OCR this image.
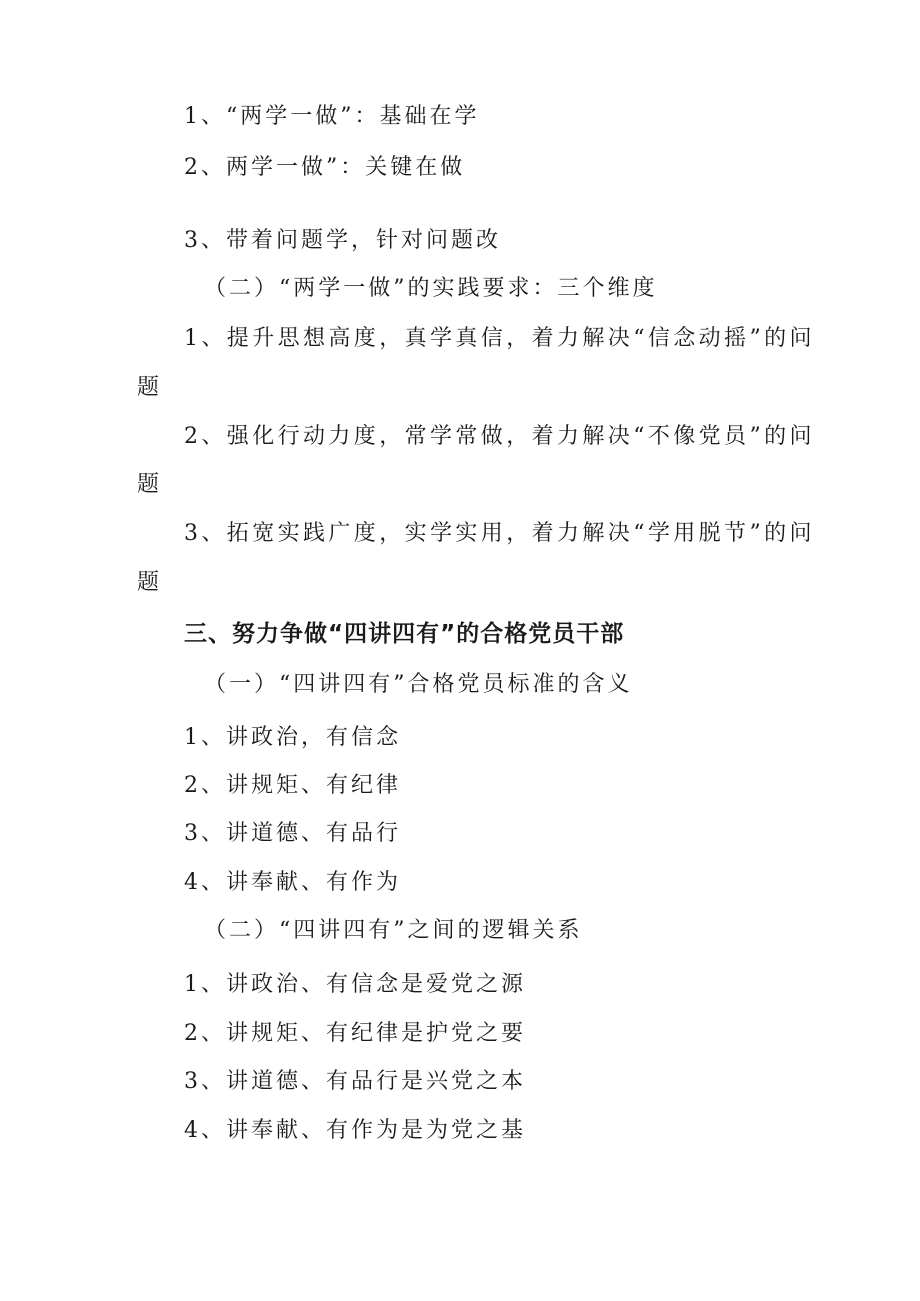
1、“两学一做”：基础在学
2、两学一做”：关键在做
3、带着问题学，针对问题改
（二）“两学一做”的实践要求：三个维度
1、提升思想高度，真学真信，着力解决“信念动摇”的问
题
2、强化行动力度，常学常做，着力解决“不像党员”的问
题
3、拓宽实践广度，实学实用，着力解决“学用脱节”的问
题
三、努力争做“四讲四有”的合格党员干部
（一）“四讲四有”合格党员标准的含义
1、讲政治，有信念
2、讲规矩、有纪律
3、讲道德、有品行
4、讲奉献、有作为
（二）“四讲四有”之间的逻辑关系
1、讲政治、有信念是爱党之源
2、讲规矩、有纪律是护党之要
3、讲道德、有品行是兴党之本
4、讲奉献、有作为是为党之基
